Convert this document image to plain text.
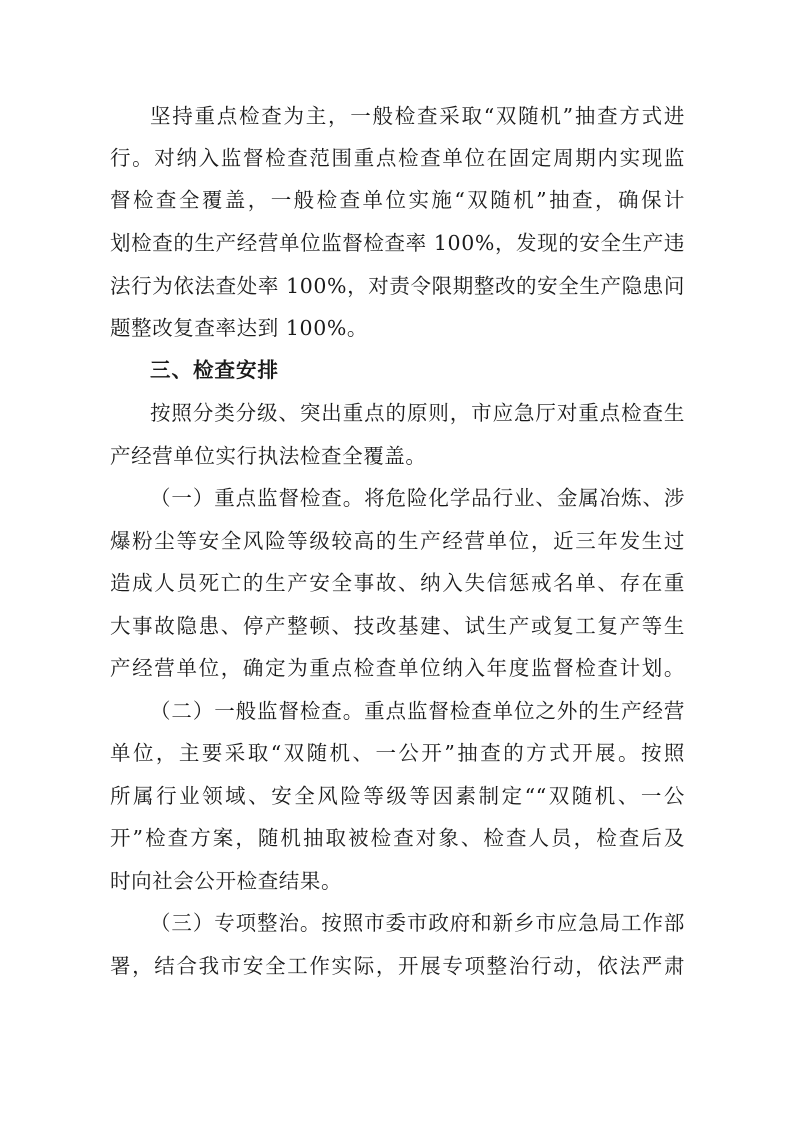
坚持重点检查为主，一般检查采取“双随机”抽查方式进
行。对纳入监督检查范围重点检查单位在固定周期内实现监
督检查全覆盖，一般检查单位实施“双随机”抽查，确保计
划检查的生产经营单位监督检查率 100%，发现的安全生产违
法行为依法查处率 100%，对责令限期整改的安全生产隐患问
题整改复查率达到 100%。
三、检查安排
按照分类分级、突出重点的原则，市应急厅对重点检查生
产经营单位实行执法检查全覆盖。
（一）重点监督检查。将危险化学品行业、金属冶炼、涉
爆粉尘等安全风险等级较高的生产经营单位，近三年发生过
造成人员死亡的生产安全事故、纳入失信惩戒名单、存在重
大事故隐患、停产整顿、技改基建、试生产或复工复产等生
产经营单位，确定为重点检查单位纳入年度监督检查计划。
（二）一般监督检查。重点监督检查单位之外的生产经营
单位，主要采取“双随机、一公开”抽查的方式开展。按照
所属行业领域、安全风险等级等因素制定““双随机、一公
开”检查方案，随机抽取被检查对象、检查人员，检查后及
时向社会公开检查结果。
（三）专项整治。按照市委市政府和新乡市应急局工作部
署，结合我市安全工作实际，开展专项整治行动，依法严肃
